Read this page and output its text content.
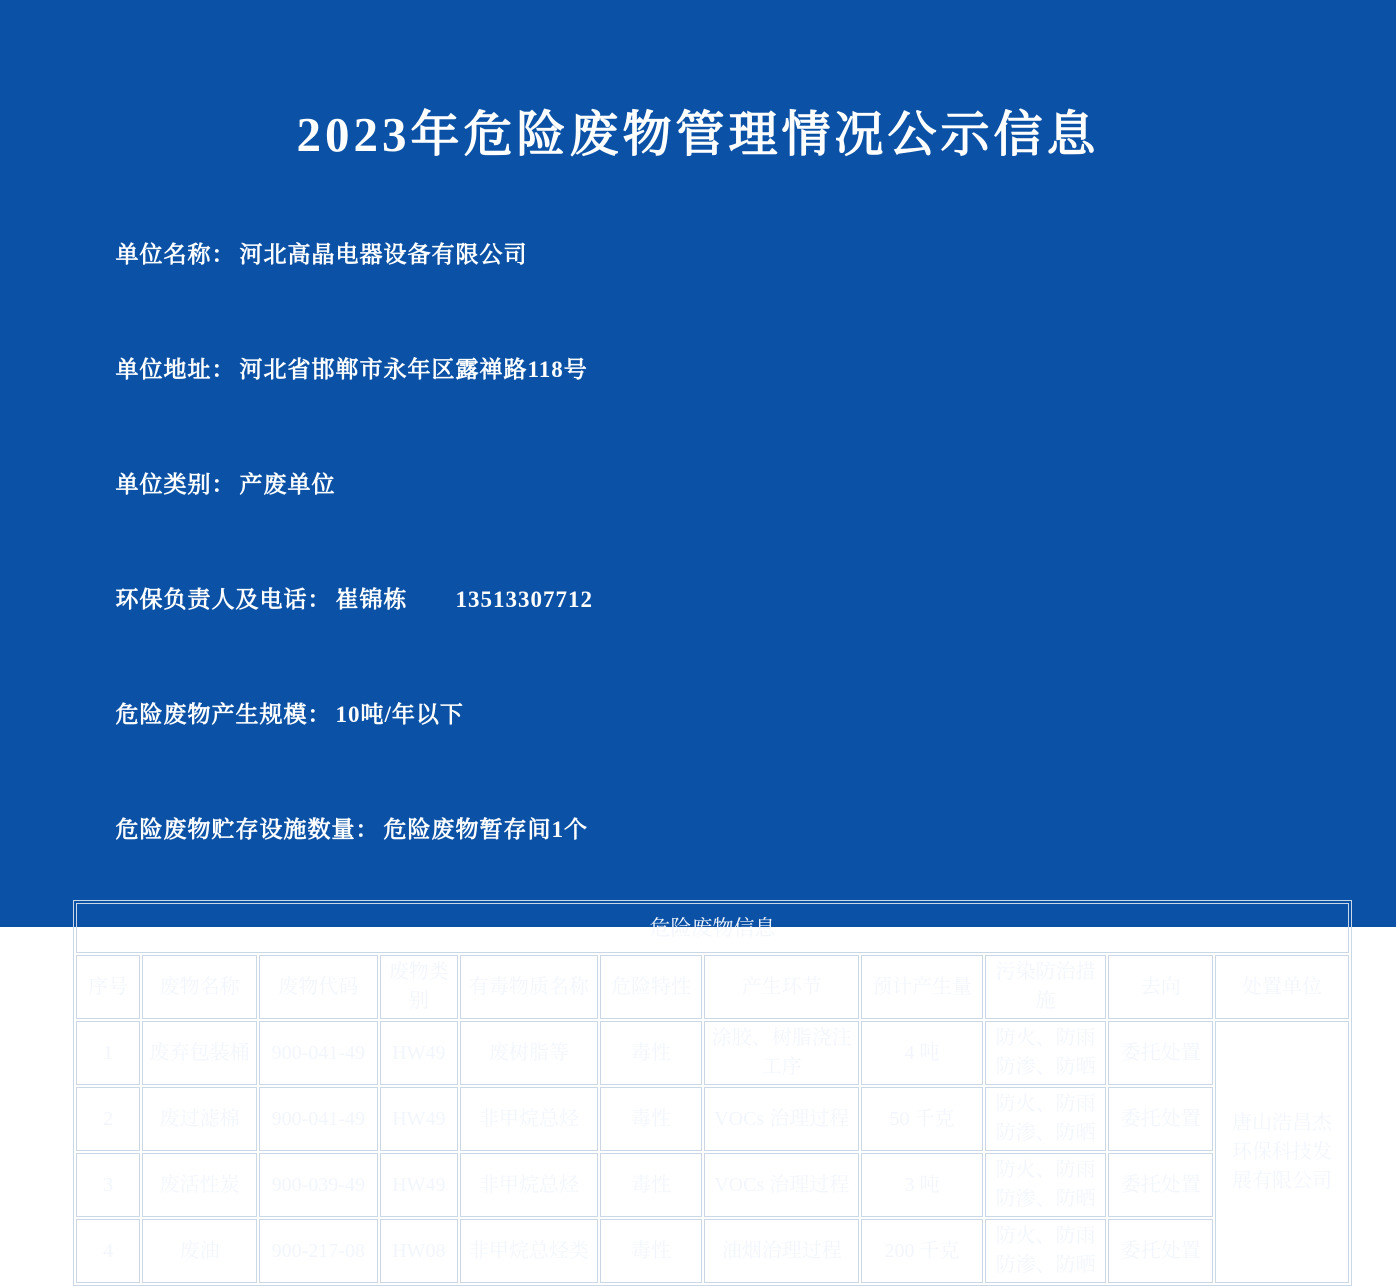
2023年危险废物管理情况公示信息

单位名称： 河北高晶电器设备有限公司

单位地址： 河北省邯郸市永年区露禅路118号

单位类别： 产废单位

环保负责人及电话： 崔锦栋　　13513307712

危险废物产生规模： 10吨/年以下

危险废物贮存设施数量： 危险废物暂存间1个

危险废物信息										
序号	废物名称	废物代码	废物类别	有毒物质名称	危险特性	产生环节	预计产生量	污染防治措施	去向	处置单位
1	废弃包装桶	900-041-49	HW49	废树脂等	毒性	涂胶、树脂浇注工序	4 吨	防火、防雨防渗、防晒	委托处置	唐山浩昌杰环保科技发展有限公司
2	废过滤棉	900-041-49	HW49	非甲烷总烃	毒性	VOCs 治理过程	50 千克	防火、防雨防渗、防晒	委托处置	
3	废活性炭	900-039-49	HW49	非甲烷总烃	毒性	VOCs 治理过程	3 吨	防火、防雨防渗、防晒	委托处置	
4	废油	900-217-08	HW08	非甲烷总烃类	毒性	油烟治理过程	200 千克	防火、防雨防渗、防晒	委托处置	
